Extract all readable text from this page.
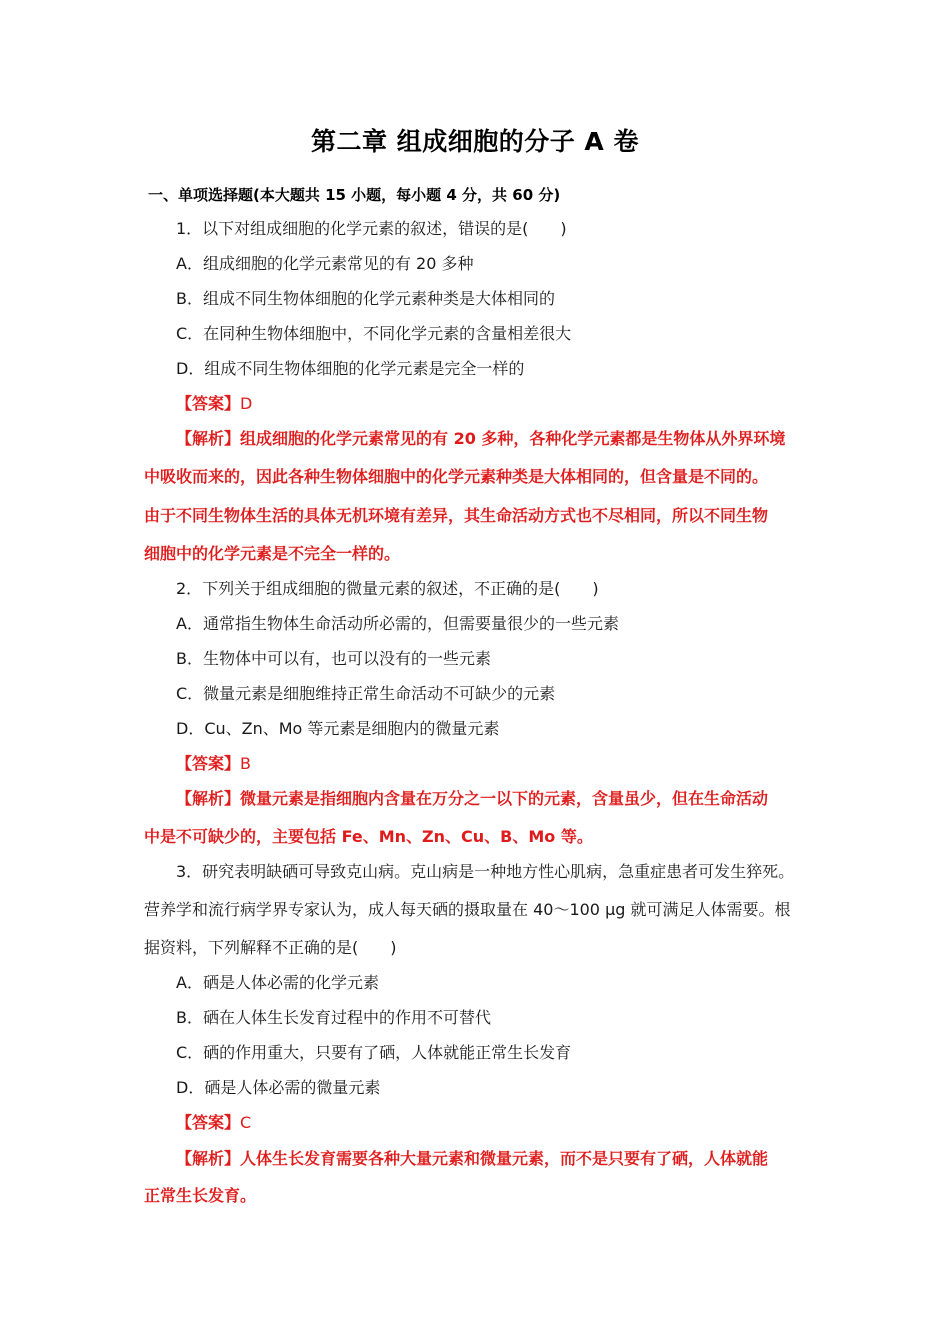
第二章 组成细胞的分子 A 卷
一、单项选择题(本大题共 15 小题，每小题 4 分，共 60 分)
1．以下对组成细胞的化学元素的叙述，错误的是(　　)
A．组成细胞的化学元素常见的有 20 多种
B．组成不同生物体细胞的化学元素种类是大体相同的
C．在同种生物体细胞中，不同化学元素的含量相差很大
D．组成不同生物体细胞的化学元素是完全一样的
【答案】D
【解析】组成细胞的化学元素常见的有 20 多种，各种化学元素都是生物体从外界环境
中吸收而来的，因此各种生物体细胞中的化学元素种类是大体相同的，但含量是不同的。
由于不同生物体生活的具体无机环境有差异，其生命活动方式也不尽相同，所以不同生物
细胞中的化学元素是不完全一样的。
2．下列关于组成细胞的微量元素的叙述，不正确的是(　　)
A．通常指生物体生命活动所必需的，但需要量很少的一些元素
B．生物体中可以有，也可以没有的一些元素
C．微量元素是细胞维持正常生命活动不可缺少的元素
D．Cu、Zn、Mo 等元素是细胞内的微量元素
【答案】B
【解析】微量元素是指细胞内含量在万分之一以下的元素，含量虽少，但在生命活动
中是不可缺少的，主要包括 Fe、Mn、Zn、Cu、B、Mo 等。
3．研究表明缺硒可导致克山病。克山病是一种地方性心肌病，急重症患者可发生猝死。
营养学和流行病学界专家认为，成人每天硒的摄取量在 40～100 μg 就可满足人体需要。根
据资料，下列解释不正确的是(　　)
A．硒是人体必需的化学元素
B．硒在人体生长发育过程中的作用不可替代
C．硒的作用重大，只要有了硒，人体就能正常生长发育
D．硒是人体必需的微量元素
【答案】C
【解析】人体生长发育需要各种大量元素和微量元素，而不是只要有了硒，人体就能
正常生长发育。
